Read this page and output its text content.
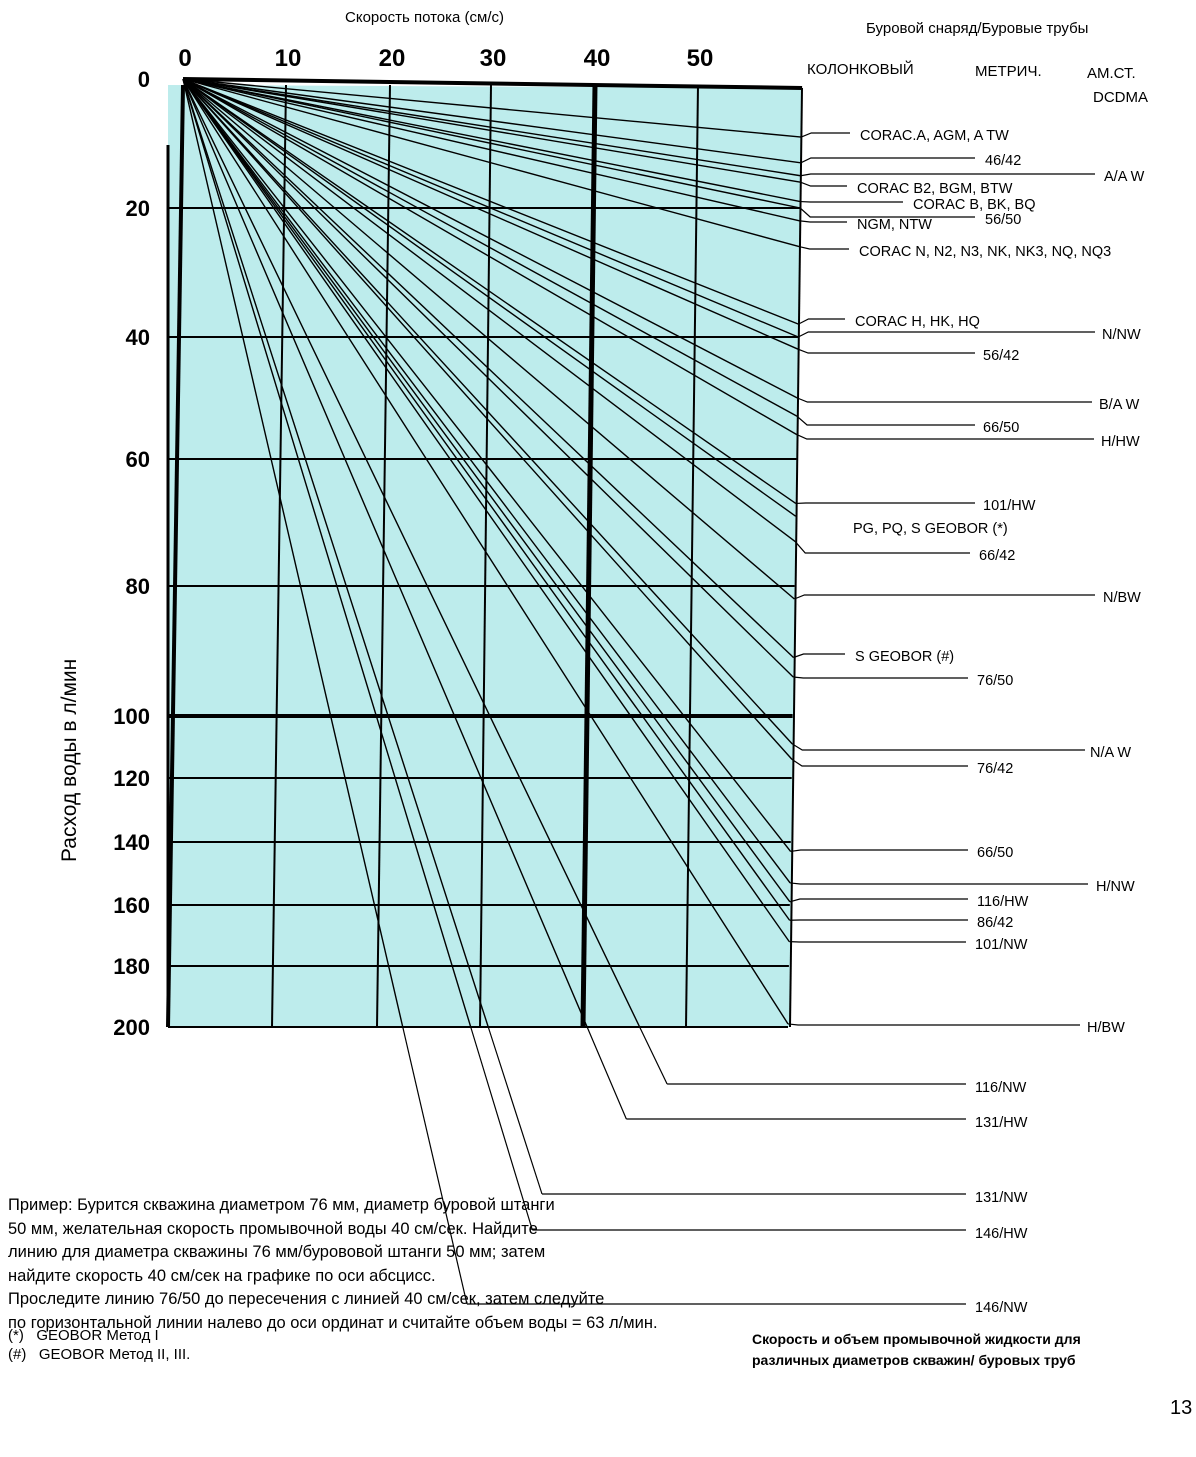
0	10	20	30	40	50
0
20
40
60
80
100
120
140
160
180
200
CORAC.A, AGM, A TW
46/42
A/A W
CORAC B2, BGM, BTW
CORAC B, BK, BQ
56/50
NGM, NTW
CORAC N, N2, N3, NK, NK3, NQ, NQ3
CORAC H, HK, HQ
N/NW
56/42
B/A W
66/50
H/HW
101/HW
PG, PQ, S GEOBOR (*)
66/42
N/BW
S GEOBOR (#)
76/50
N/A W
76/42
66/50
H/NW
116/HW
86/42
101/NW
H/BW
116/NW
131/HW
131/NW
146/HW
146/NW
Скорость потока (см/с)
Расход воды в л/мин
Буровой снаряд/Буровые трубы
КОЛОНКОВЫЙ	МЕТРИЧ.	АМ.СТ.
DCDMA
Пример: Бурится скважина диаметром 76 мм, диаметр буровой штанги
50 мм, желательная скорость промывочной воды 40 см/сек. Найдите
линию для диаметра скважины 76 мм/бурововой штанги 50 мм; затем
найдите скорость 40 см/сек на графике по оси абсцисс.
Проследите линию 76/50 до пересечения с линией 40 см/сек, затем следуйте
по горизонтальной линии налево до оси ординат и считайте объем воды = 63 л/мин.
(*)   GEOBOR Метод I
(#)   GEOBOR Метод II, III.
Скорость и объем промывочной жидкости для
различных диаметров скважин/ буровых труб
13
